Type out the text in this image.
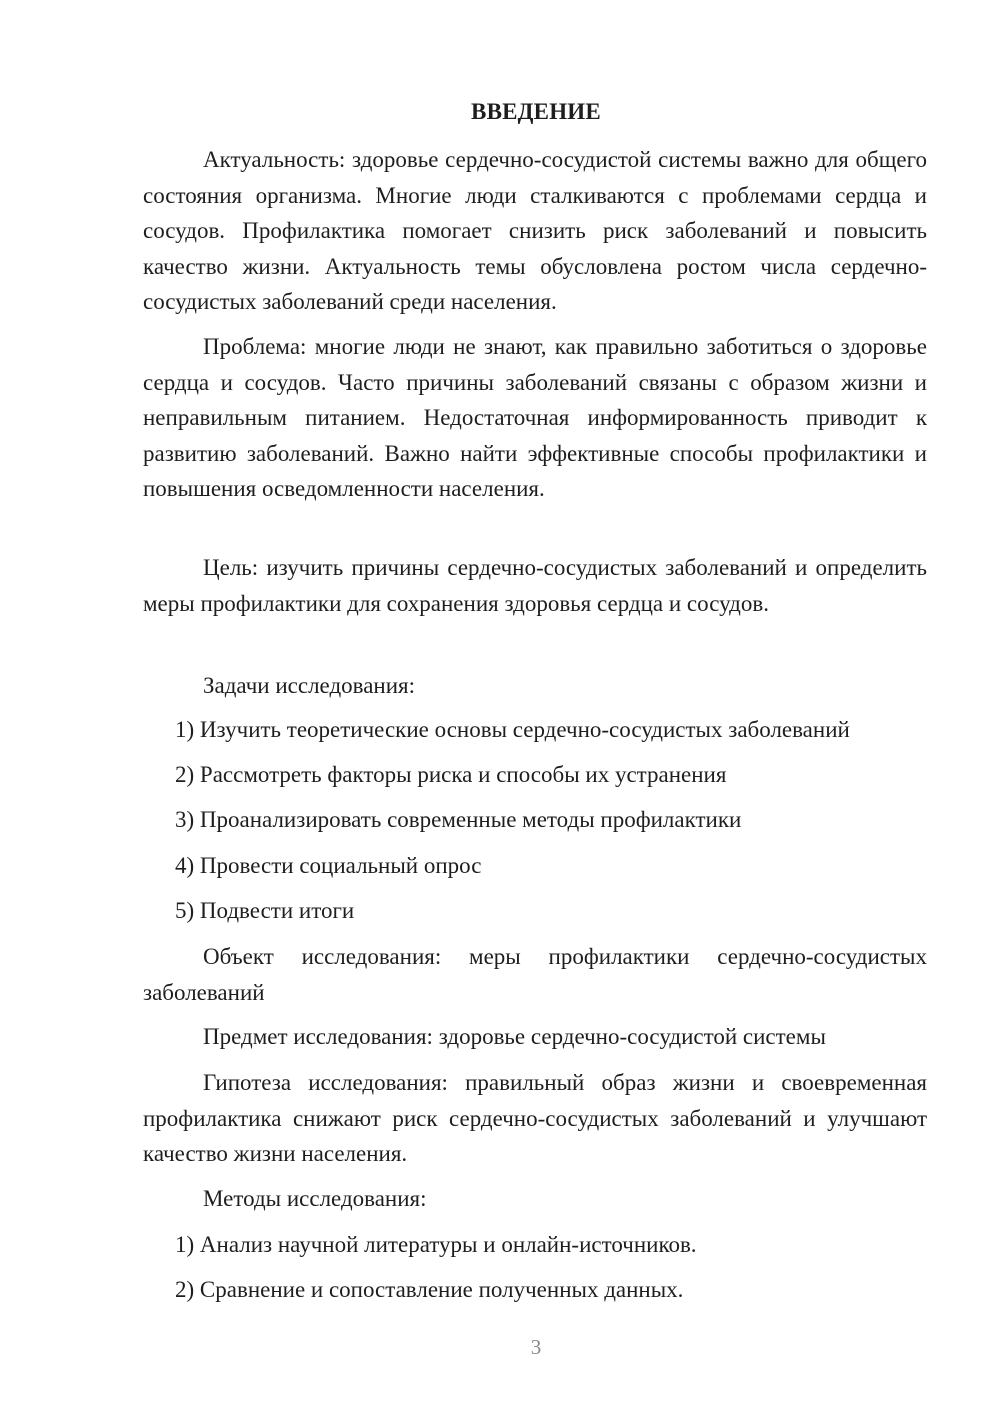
ВВЕДЕНИЕ
Актуальность: здоровье сердечно-сосудистой системы важно для общего состояния организма. Многие люди сталкиваются с проблемами сердца и сосудов. Профилактика помогает снизить риск заболеваний и повысить качество жизни. Актуальность темы обусловлена ростом числа сердечно-сосудистых заболеваний среди населения.
Проблема: многие люди не знают, как правильно заботиться о здоровье сердца и сосудов. Часто причины заболеваний связаны с образом жизни и неправильным питанием. Недостаточная информированность приводит к развитию заболеваний. Важно найти эффективные способы профилактики и повышения осведомленности населения.
Цель: изучить причины сердечно-сосудистых заболеваний и определить меры профилактики для сохранения здоровья сердца и сосудов.
Задачи исследования:
1) Изучить теоретические основы сердечно-сосудистых заболеваний
2) Рассмотреть факторы риска и способы их устранения
3) Проанализировать современные методы профилактики
4) Провести социальный опрос
5) Подвести итоги
Объект исследования: меры профилактики сердечно-сосудистых заболеваний
Предмет исследования: здоровье сердечно-сосудистой системы
Гипотеза исследования: правильный образ жизни и своевременная профилактика снижают риск сердечно-сосудистых заболеваний и улучшают качество жизни населения.
Методы исследования:
1) Анализ научной литературы и онлайн-источников.
2) Сравнение и сопоставление полученных данных.
3
